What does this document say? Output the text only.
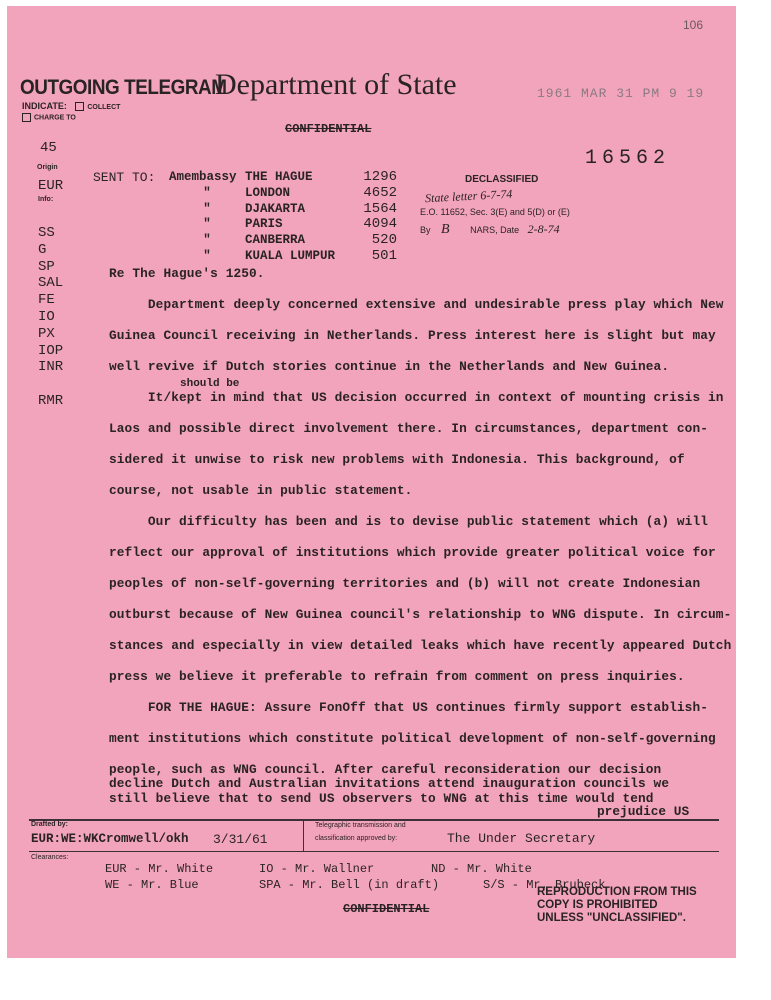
106
OUTGOING TELEGRAM
Department of State	1961 MAR 31 PM 9 19
INDICATE:	COLLECT
CHARGE TO
CONFIDENTIAL
16562
DECLASSIFIED
State letter 6-7-74
E.O. 11652, Sec. 3(E) and 5(D) or (E)
By B NARS, Date 2-8-74
45
Origin
EUR
Info:
SS
G
SP
SAL
FE
IO
PX
IOP
INR
RMR
SENT TO: Amembassy THE HAGUE	1296
"	LONDON	4652
"	DJAKARTA	1564
"	PARIS	4094
"	CANBERRA	520
"	KUALA LUMPUR	501
should be
Re The Hague's 1250.
Department deeply concerned extensive and undesirable press play which New
Guinea Council receiving in Netherlands. Press interest here is slight but may
well revive if Dutch stories continue in the Netherlands and New Guinea.
It/kept in mind that US decision occurred in context of mounting crisis in
Laos and possible direct involvement there. In circumstances, department con-
sidered it unwise to risk new problems with Indonesia. This background, of
course, not usable in public statement.
Our difficulty has been and is to devise public statement which (a) will
reflect our approval of institutions which provide greater political voice for
peoples of non-self-governing territories and (b) will not create Indonesian
outburst because of New Guinea council's relationship to WNG dispute. In circum-
stances and especially in view detailed leaks which have recently appeared Dutch
press we believe it preferable to refrain from comment on press inquiries.
FOR THE HAGUE: Assure FonOff that US continues firmly support establish-
ment institutions which constitute political development of non-self-governing
people, such as WNG council. After careful reconsideration our decision
decline Dutch and Australian invitations attend inauguration councils we
still believe that to send US observers to WNG at this time would tend
prejudice US
Drafted by:
EUR:WE:WKCromwell/okh 3/31/61
Telegraphic transmission and
classification approved by:	The Under Secretary
Clearances:
EUR - Mr. White	IO - Mr. Wallner	ND - Mr. White
WE - Mr. Blue	SPA - Mr. Bell (in draft)	S/S - Mr. Brubeck
CONFIDENTIAL
REPRODUCTION FROM THIS
COPY IS PROHIBITED
UNLESS "UNCLASSIFIED".
